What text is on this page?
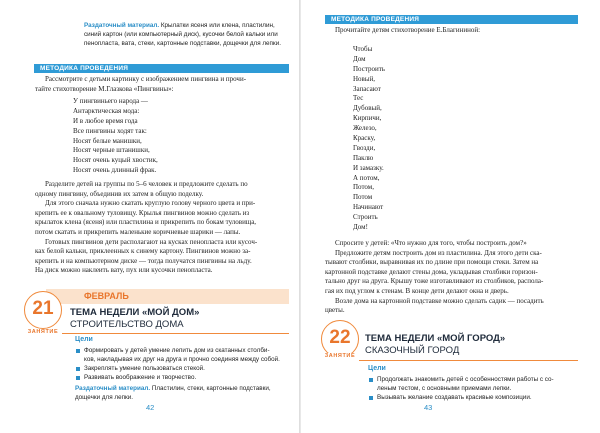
Раздаточный материал. Крылатки ясеня или клена, пластилин,
синий картон (или компьютерный диск), кусочки белой кальки или
пенопласта, вата, стеки, картонные подставки, дощечки для лепки.
МЕТОДИКА ПРОВЕДЕНИЯ
Рассмотрите с детьми картинку с изображением пингвина и прочи-
тайте стихотворение М.Глазкова «Пингвины»:
У пингвиньего народа —
Антарктическая мода:
И в любое время года
Все пингвины ходят так:
Носят белые манишки,
Носят черные штанишки,
Носят очень куцый хвостик,
Носят очень длинный фрак.
Разделите детей на группы по 5–6 человек и предложите сделать по
одному пингвину, объединив их затем в общую поделку.
Для этого сначала нужно скатать круглую голову черного цвета и при-
крепить ее к овальному туловищу. Крылья пингвинов можно сделать из
крылаток клена (ясеня) или пластилина и прикрепить по бокам туловища,
потом скатать и прикрепить маленькие коричневые шарики — лапы.
Готовых пингвинов дети располагают на кусках пенопласта или кусоч-
ках белой кальки, приклеенных к синему картону. Пингвинов можно за-
крепить и на компьютерном диске — тогда получатся пингвины на льду.
На диск можно наклеить вату, пух или кусочки пенопласта.
ФЕВРАЛЬ
21
ЗАНЯТИЕ
ТЕМА НЕДЕЛИ «МОЙ ДОМ»
СТРОИТЕЛЬСТВО ДОМА
Цели
Формировать у детей умение лепить дом из скатанных столби-
ков, накладывая их друг на друга и прочно соединяя между собой.
Закреплять умение пользоваться стекой.
Развивать воображение и творчество.
Раздаточный материал. Пластилин, стеки, картонные подставки,
дощечки для лепки.
42
МЕТОДИКА ПРОВЕДЕНИЯ
Прочитайте детям стихотворение Е.Благининой:
Чтобы
Дом
Построить
Новый,
Запасают
Тес
Дубовый,
Кирпичи,
Железо,
Краску,
Гвозди,
Паклю
И замазку.
А потом,
Потом,
Потом
Начинают
Строить
Дом!
Спросите у детей: «Что нужно для того, чтобы построить дом?»
Предложите детям построить дом из пластилина. Для этого дети ска-
тывают столбики, выравнивая их по длине при помощи стеки. Затем на
картонной подставке делают стены дома, укладывая столбики горизон-
тально друг на друга. Крышу тоже изготавливают из столбиков, распола-
гая их под углом к стенам. В конце дети делают окна и дверь.
Возле дома на картонной подставке можно сделать садик — посадить
цветы.
22
ЗАНЯТИЕ
ТЕМА НЕДЕЛИ «МОЙ ГОРОД»
СКАЗОЧНЫЙ ГОРОД
Цели
Продолжать знакомить детей с особенностями работы с со-
леным тестом, с основными приемами лепки.
Вызывать желание создавать красивые композиции.
43
